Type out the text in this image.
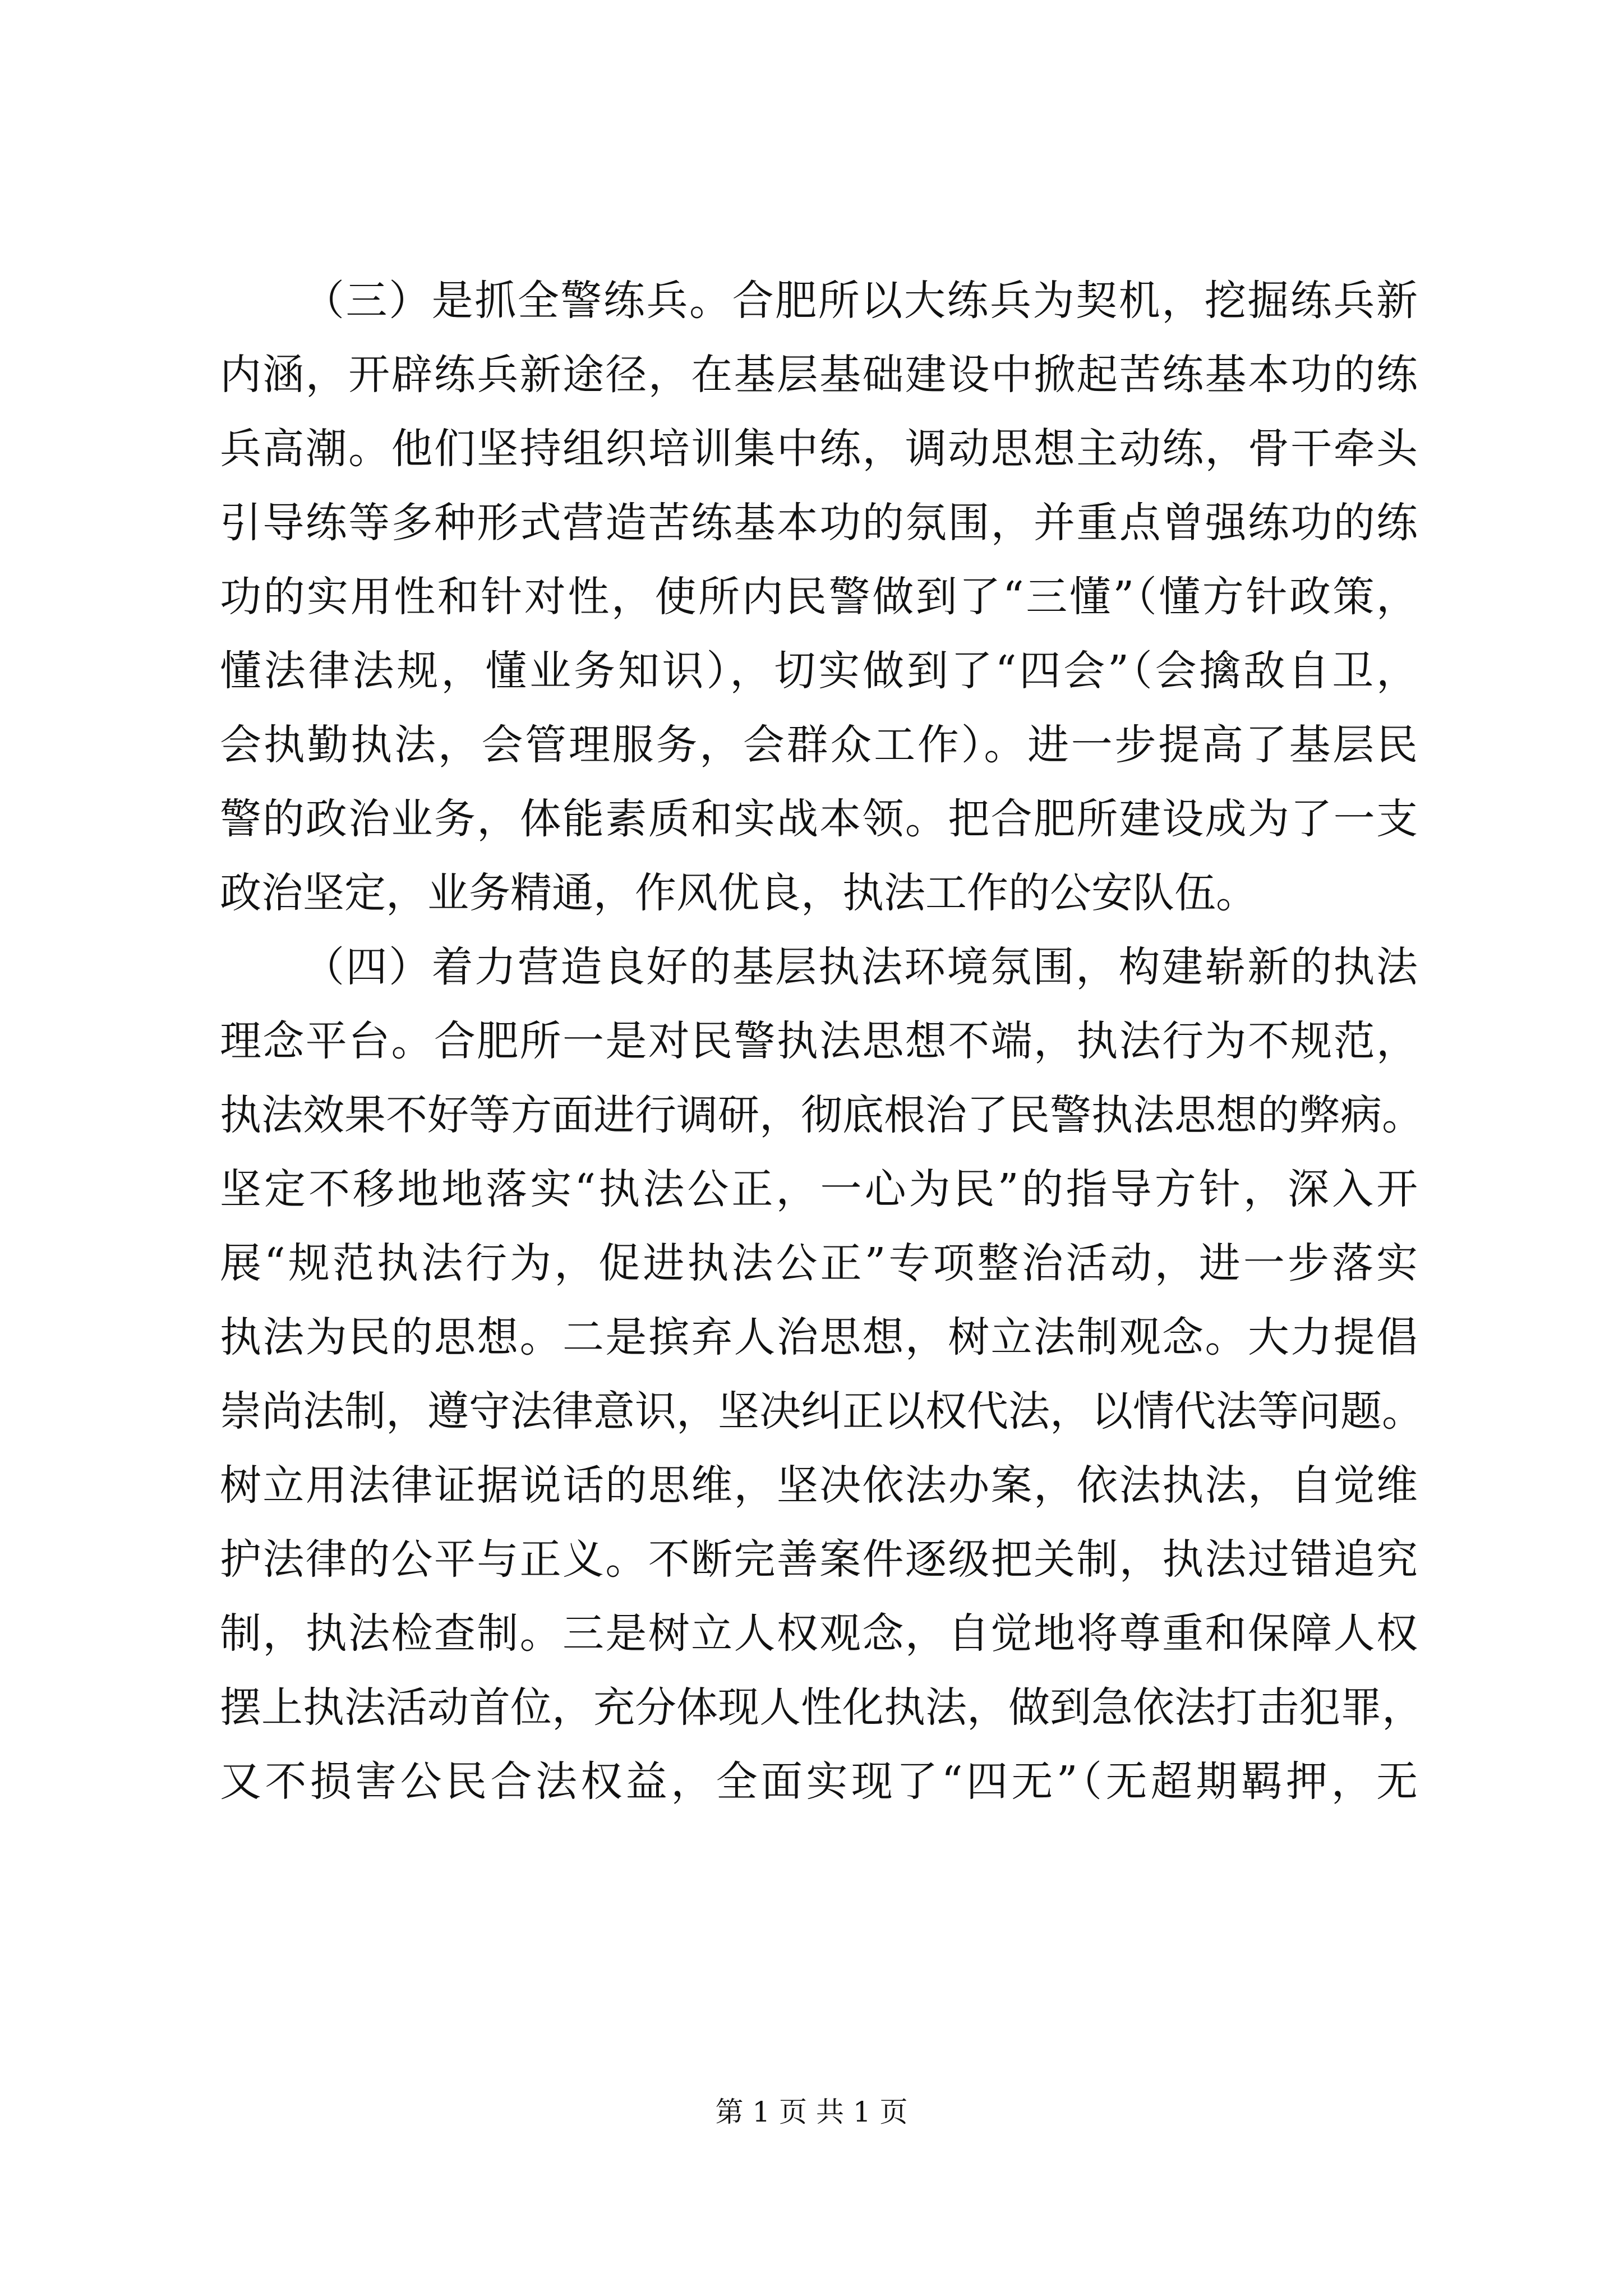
（三）是抓全警练兵。合肥所以大练兵为契机，挖掘练兵新
内涵，开辟练兵新途径，在基层基础建设中掀起苦练基本功的练
兵高潮。他们坚持组织培训集中练，调动思想主动练，骨干牵头
引导练等多种形式营造苦练基本功的氛围，并重点曾强练功的练
功的实用性和针对性，使所内民警做到了“三懂”（懂方针政策，
懂法律法规，懂业务知识），切实做到了“四会”（会擒敌自卫，
会执勤执法，会管理服务，会群众工作）。进一步提高了基层民
警的政治业务，体能素质和实战本领。把合肥所建设成为了一支
政治坚定，业务精通，作风优良，执法工作的公安队伍。
（四）着力营造良好的基层执法环境氛围，构建崭新的执法
理念平台。合肥所一是对民警执法思想不端，执法行为不规范，
执法效果不好等方面进行调研，彻底根治了民警执法思想的弊病。
坚定不移地地落实“执法公正，一心为民”的指导方针，深入开
展“规范执法行为，促进执法公正”专项整治活动，进一步落实
执法为民的思想。二是摈弃人治思想，树立法制观念。大力提倡
崇尚法制，遵守法律意识，坚决纠正以权代法，以情代法等问题。
树立用法律证据说话的思维，坚决依法办案，依法执法，自觉维
护法律的公平与正义。不断完善案件逐级把关制，执法过错追究
制，执法检查制。三是树立人权观念，自觉地将尊重和保障人权
摆上执法活动首位，充分体现人性化执法，做到急依法打击犯罪，
又不损害公民合法权益，全面实现了“四无”（无超期羁押，无
第 1 页 共 1 页
